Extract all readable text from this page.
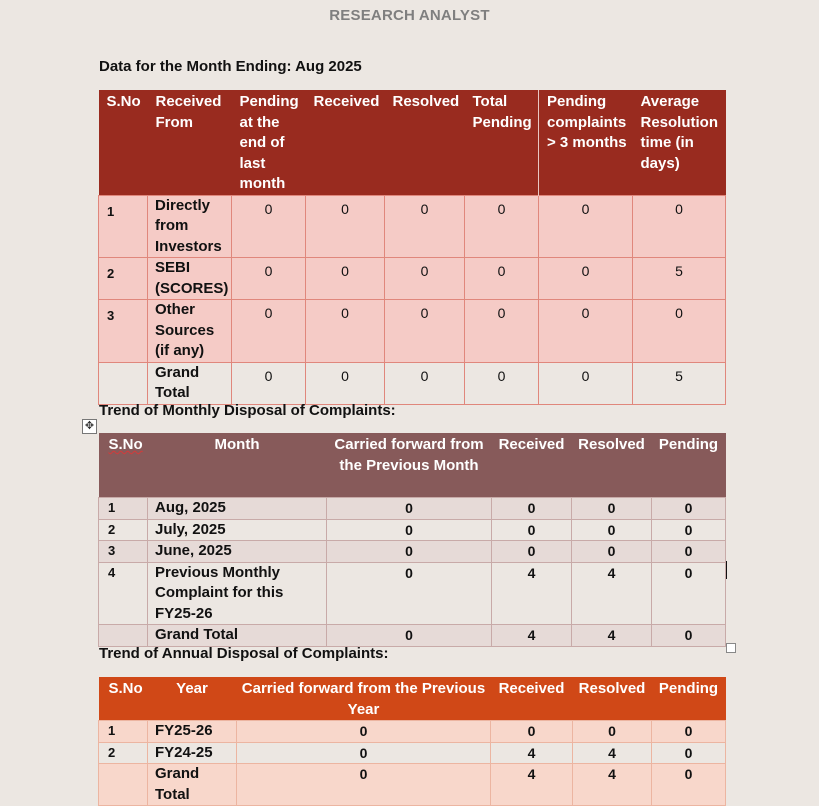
RESEARCH ANALYST
Data for the Month Ending: Aug 2025
S.No	Received From	Pending at the end of last month	Received	Resolved	Total Pending	Pending complaints > 3 months	Average Resolution time (in days)
1	Directly from Investors	0	0	0	0	0	0
2	SEBI (SCORES)	0	0	0	0	0	5
3	Other Sources (if any)	0	0	0	0	0	0
	Grand Total	0	0	0	0	0	5
Trend of Monthly Disposal of Complaints:
✥
S.No	Month	Carried forward from the Previous Month	Received	Resolved	Pending
1	Aug, 2025	0	0	0	0
2	July, 2025	0	0	0	0
3	June, 2025	0	0	0	0
4	Previous Monthly Complaint for this FY25-26	0	4	4	0
	Grand Total	0	4	4	0
Trend of Annual Disposal of Complaints:
S.No	Year	Carried forward from the Previous Year	Received	Resolved	Pending
1	FY25-26	0	0	0	0
2	FY24-25	0	4	4	0
	Grand Total	0	4	4	0
